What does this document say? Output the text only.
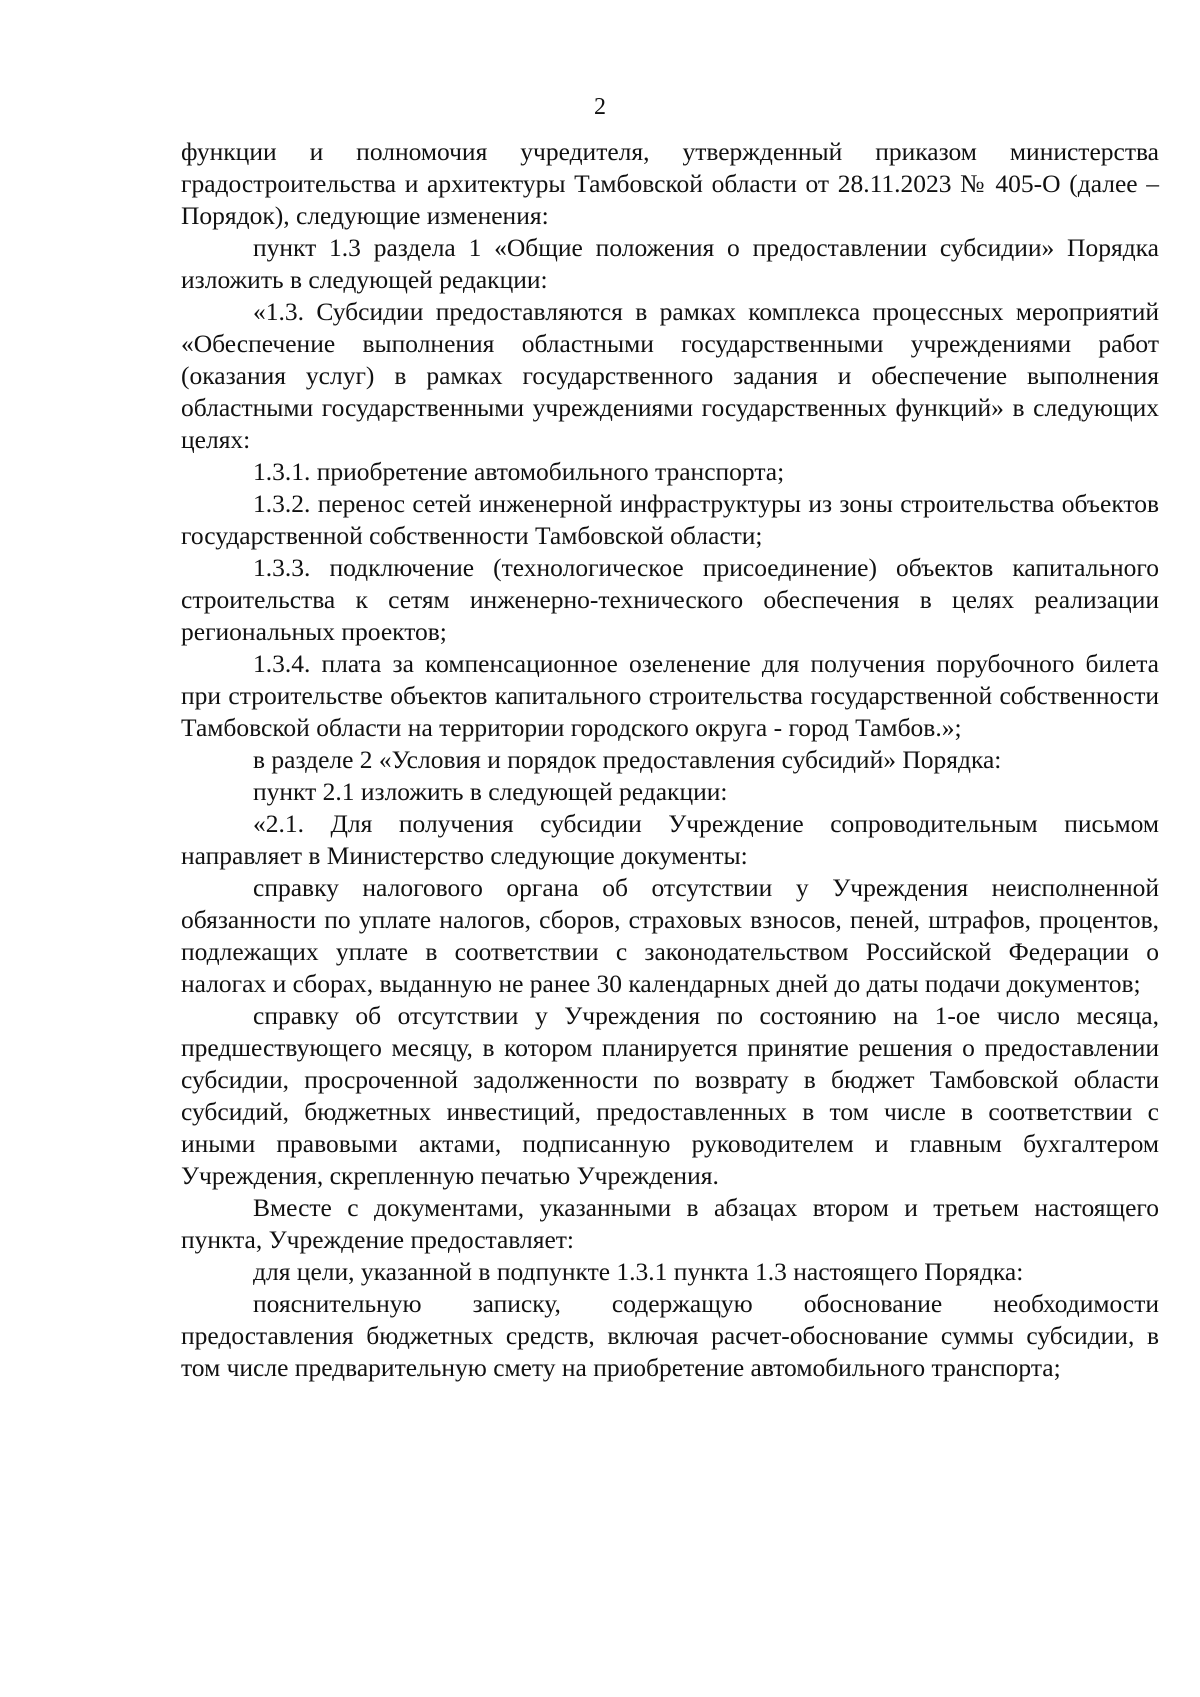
2

функции и полномочия учредителя, утвержденный приказом министерства градостроительства и архитектуры Тамбовской области от 28.11.2023 № 405-О (далее – Порядок), следующие изменения:

пункт 1.3 раздела 1 «Общие положения о предоставлении субсидии» Порядка изложить в следующей редакции:

«1.3. Субсидии предоставляются в рамках комплекса процессных мероприятий «Обеспечение выполнения областными государственными учреждениями работ (оказания услуг) в рамках государственного задания и обеспечение выполнения областными государственными учреждениями государственных функций» в следующих целях:

1.3.1. приобретение автомобильного транспорта;

1.3.2. перенос сетей инженерной инфраструктуры из зоны строительства объектов государственной собственности Тамбовской области;

1.3.3. подключение (технологическое присоединение) объектов капитального строительства к сетям инженерно-технического обеспечения в целях реализации региональных проектов;

1.3.4. плата за компенсационное озеленение для получения порубочного билета при строительстве объектов капитального строительства государственной собственности Тамбовской области на территории городского округа - город Тамбов.»;

в разделе 2 «Условия и порядок предоставления субсидий» Порядка:

пункт 2.1 изложить в следующей редакции:

«2.1. Для получения субсидии Учреждение сопроводительным письмом направляет в Министерство следующие документы:

справку налогового органа об отсутствии у Учреждения неисполненной обязанности по уплате налогов, сборов, страховых взносов, пеней, штрафов, процентов, подлежащих уплате в соответствии с законодательством Российской Федерации о налогах и сборах, выданную не ранее 30 календарных дней до даты подачи документов;

справку об отсутствии у Учреждения по состоянию на 1-ое число месяца, предшествующего месяцу, в котором планируется принятие решения о предоставлении субсидии, просроченной задолженности по возврату в бюджет Тамбовской области субсидий, бюджетных инвестиций, предоставленных в том числе в соответствии с иными правовыми актами, подписанную руководителем и главным бухгалтером Учреждения, скрепленную печатью Учреждения.

Вместе с документами, указанными в абзацах втором и третьем настоящего пункта, Учреждение предоставляет:

для цели, указанной в подпункте 1.3.1 пункта 1.3 настоящего Порядка:

пояснительную записку, содержащую обоснование необходимости предоставления бюджетных средств, включая расчет-обоснование суммы субсидии, в том числе предварительную смету на приобретение автомобильного транспорта;
